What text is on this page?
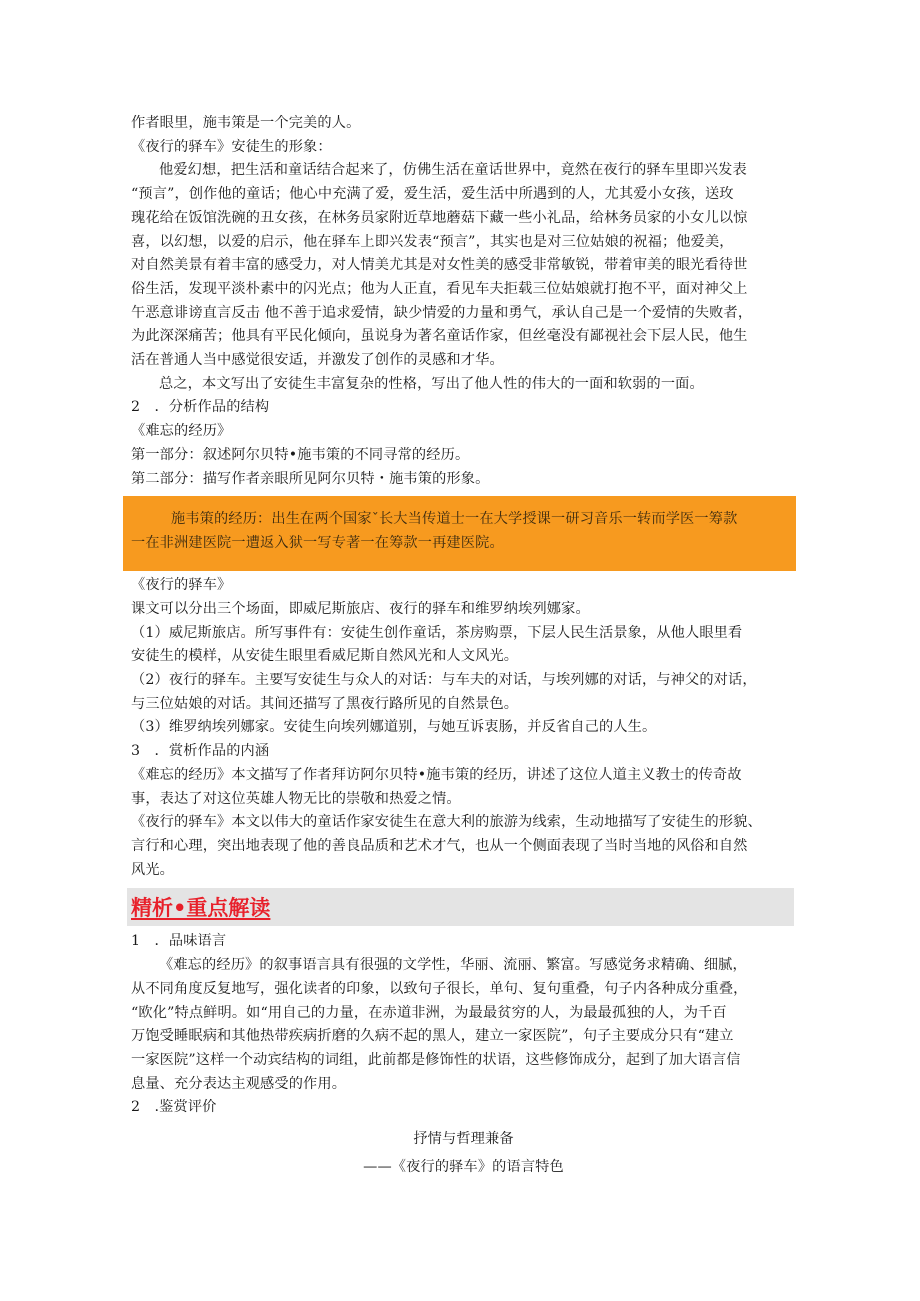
作者眼里，施韦策是一个完美的人。
《夜行的驿车》安徒生的形象：
他爱幻想，把生活和童话结合起来了，仿佛生活在童话世界中，竟然在夜行的驿车里即兴发表
“预言”，创作他的童话；他心中充满了爱，爱生活，爱生活中所遇到的人，尤其爱小女孩，送玫
瑰花给在饭馆洗碗的丑女孩，在林务员家附近草地蘑菇下藏一些小礼品，给林务员家的小女儿以惊
喜，以幻想，以爱的启示，他在驿车上即兴发表“预言”，其实也是对三位姑娘的祝福；他爱美，
对自然美景有着丰富的感受力，对人情美尤其是对女性美的感受非常敏锐，带着审美的眼光看待世
俗生活，发现平淡朴素中的闪光点；他为人正直，看见车夫拒载三位姑娘就打抱不平，面对神父上
午恶意诽谤直言反击 他不善于追求爱情，缺少情爱的力量和勇气，承认自己是一个爱情的失败者，
为此深深痛苦；他具有平民化倾向，虽说身为著名童话作家，但丝毫没有鄙视社会下层人民，他生
活在普通人当中感觉很安适，并激发了创作的灵感和才华。
总之，本文写出了安徒生丰富复杂的性格，写出了他人性的伟大的一面和软弱的一面。
2　．分析作品的结构
《难忘的经历》
第一部分：叙述阿尔贝特•施韦策的不同寻常的经历。
第二部分：描写作者亲眼所见阿尔贝特・施韦策的形象。
施韦策的经历：出生在两个国家ˇ长大当传道士一在大学授课一研习音乐一转而学医一筹款
一在非洲建医院一遭返入狱一写专著一在筹款一再建医院。
《夜行的驿车》
课文可以分出三个场面，即威尼斯旅店、夜行的驿车和维罗纳埃列娜家。
（1）威尼斯旅店。所写事件有：安徒生创作童话，茶房购票，下层人民生活景象，从他人眼里看
安徒生的模样，从安徒生眼里看威尼斯自然风光和人文风光。
（2）夜行的驿车。主要写安徒生与众人的对话：与车夫的对话，与埃列娜的对话，与神父的对话，
与三位姑娘的对话。其间还描写了黑夜行路所见的自然景色。
（3）维罗纳埃列娜家。安徒生向埃列娜道别，与她互诉衷肠，并反省自己的人生。
3　．赏析作品的内涵
《难忘的经历》本文描写了作者拜访阿尔贝特•施韦策的经历，讲述了这位人道主义教士的传奇故
事，表达了对这位英雄人物无比的崇敬和热爱之情。
《夜行的驿车》本文以伟大的童话作家安徒生在意大利的旅游为线索，生动地描写了安徒生的形貌、
言行和心理，突出地表现了他的善良品质和艺术才气，也从一个侧面表现了当时当地的风俗和自然
风光。
精析•重点解读
1　．品味语言
《难忘的经历》的叙事语言具有很强的文学性，华丽、流丽、繁富。写感觉务求精确、细腻，
从不同角度反复地写，强化读者的印象，以致句子很长，单句、复句重叠，句子内各种成分重叠，
“欧化”特点鲜明。如“用自己的力量，在赤道非洲，为最最贫穷的人，为最最孤独的人，为千百
万饱受睡眠病和其他热带疾病折磨的久病不起的黑人，建立一家医院”，句子主要成分只有“建立
一家医院”这样一个动宾结构的词组，此前都是修饰性的状语，这些修饰成分，起到了加大语言信
息量、充分表达主观感受的作用。
2　.鉴赏评价
抒情与哲理兼备
——《夜行的驿车》的语言特色
